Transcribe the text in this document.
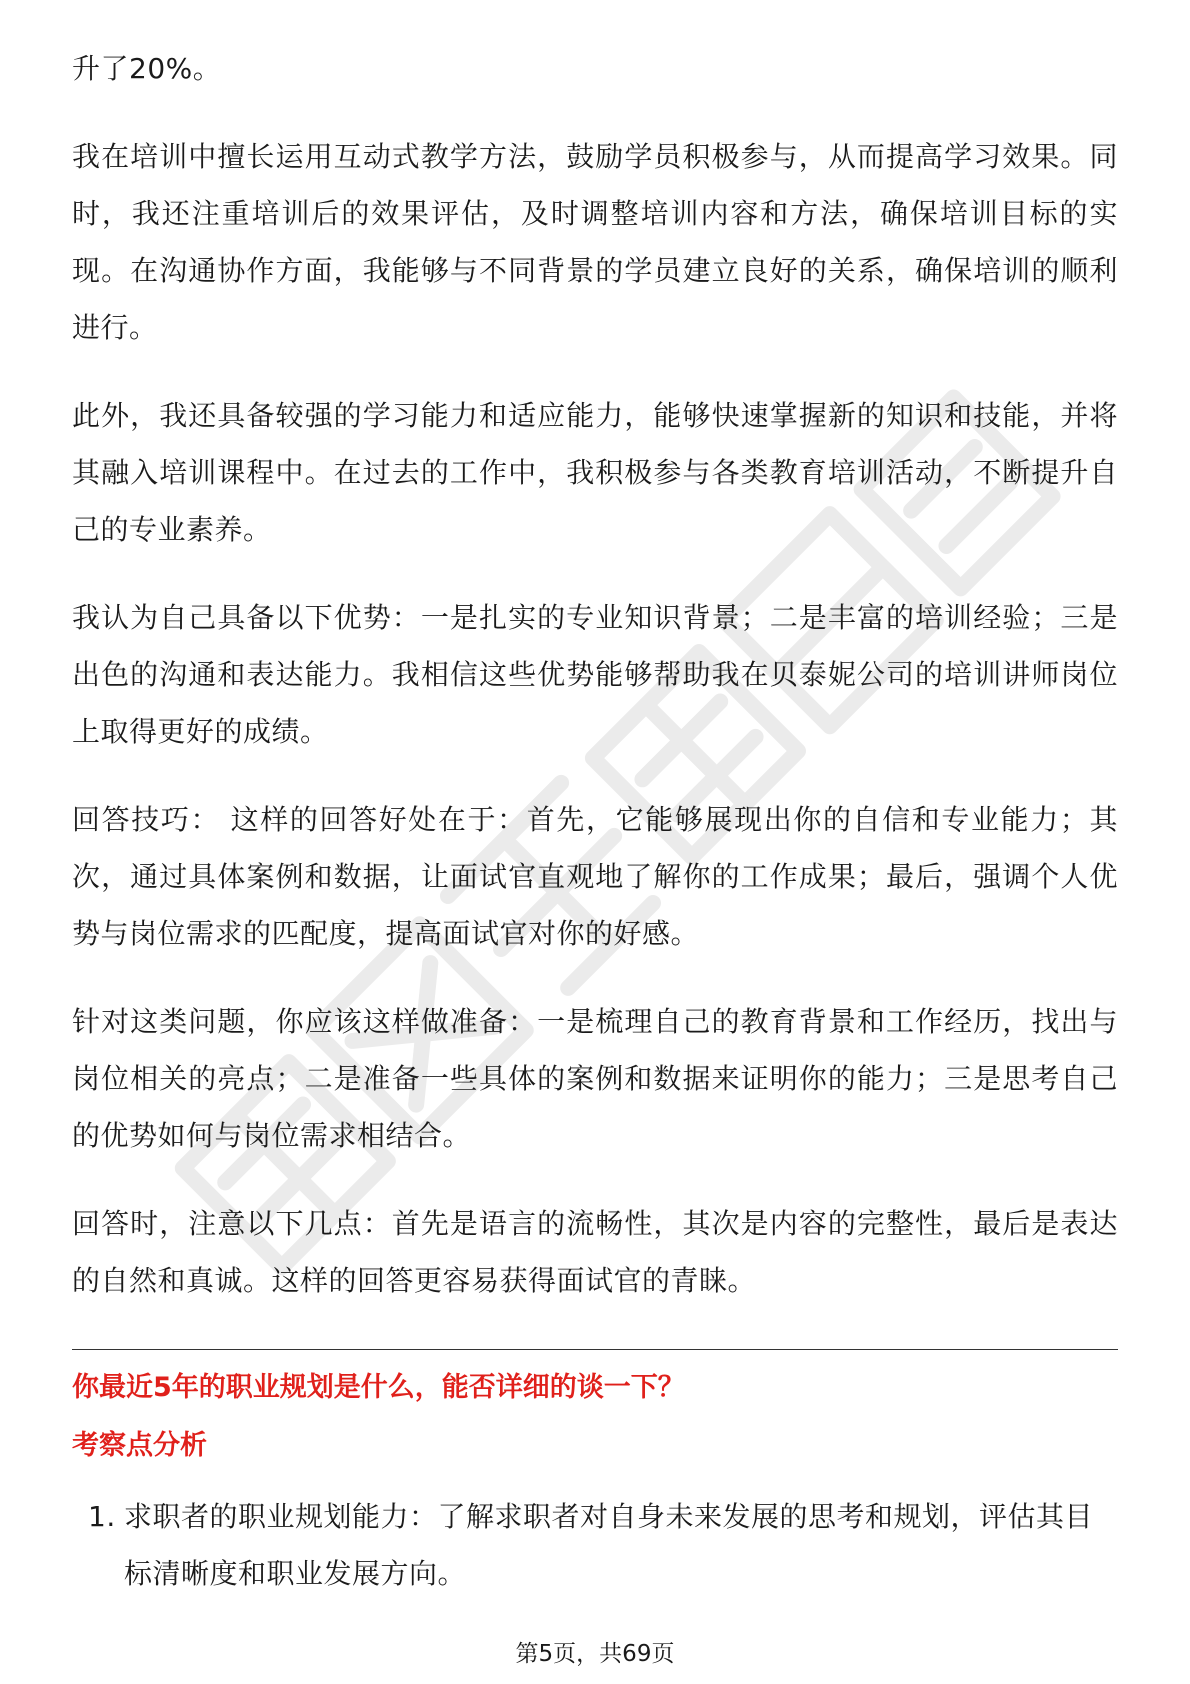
升了20%。

我在培训中擅长运用互动式教学方法，鼓励学员积极参与，从而提高学习效果。同时，我还注重培训后的效果评估，及时调整培训内容和方法，确保培训目标的实现。在沟通协作方面，我能够与不同背景的学员建立良好的关系，确保培训的顺利进行。

此外，我还具备较强的学习能力和适应能力，能够快速掌握新的知识和技能，并将其融入培训课程中。在过去的工作中，我积极参与各类教育培训活动，不断提升自己的专业素养。

我认为自己具备以下优势：一是扎实的专业知识背景；二是丰富的培训经验；三是出色的沟通和表达能力。我相信这些优势能够帮助我在贝泰妮公司的培训讲师岗位上取得更好的成绩。

回答技巧： 这样的回答好处在于：首先，它能够展现出你的自信和专业能力；其次，通过具体案例和数据，让面试官直观地了解你的工作成果；最后，强调个人优势与岗位需求的匹配度，提高面试官对你的好感。

针对这类问题，你应该这样做准备：一是梳理自己的教育背景和工作经历，找出与岗位相关的亮点；二是准备一些具体的案例和数据来证明你的能力；三是思考自己的优势如何与岗位需求相结合。

回答时，注意以下几点：首先是语言的流畅性，其次是内容的完整性，最后是表达的自然和真诚。这样的回答更容易获得面试官的青睐。

你最近5年的职业规划是什么，能否详细的谈一下？
考察点分析
1. 求职者的职业规划能力：了解求职者对自身未来发展的思考和规划，评估其目标清晰度和职业发展方向。
第5页，共69页
